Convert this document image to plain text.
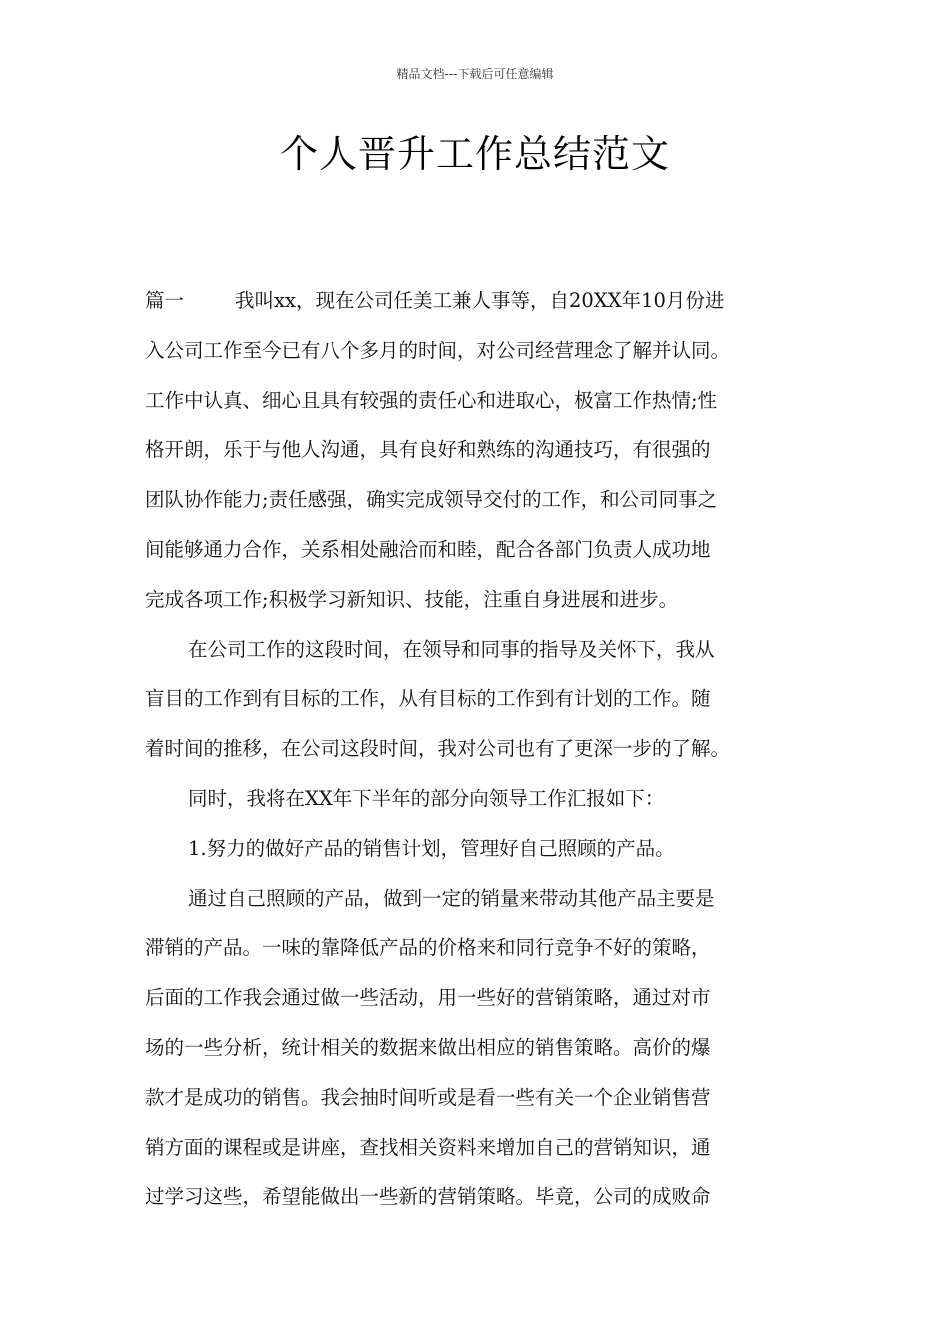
精品文档---下载后可任意编辑
个人晋升工作总结范文
篇一	我叫xx，现在公司任美工兼人事等，自20XX年10月份进
入公司工作至今已有八个多月的时间，对公司经营理念了解并认同。
工作中认真、细心且具有较强的责任心和进取心，极富工作热情;性
格开朗，乐于与他人沟通，具有良好和熟练的沟通技巧，有很强的
团队协作能力;责任感强，确实完成领导交付的工作，和公司同事之
间能够通力合作，关系相处融洽而和睦，配合各部门负责人成功地
完成各项工作;积极学习新知识、技能，注重自身进展和进步。
在公司工作的这段时间，在领导和同事的指导及关怀下，我从
盲目的工作到有目标的工作，从有目标的工作到有计划的工作。随
着时间的推移，在公司这段时间，我对公司也有了更深一步的了解。
同时，我将在XX年下半年的部分向领导工作汇报如下：
1.努力的做好产品的销售计划，管理好自己照顾的产品。
通过自己照顾的产品，做到一定的销量来带动其他产品主要是
滞销的产品。一味的靠降低产品的价格来和同行竞争不好的策略，
后面的工作我会通过做一些活动，用一些好的营销策略，通过对市
场的一些分析，统计相关的数据来做出相应的销售策略。高价的爆
款才是成功的销售。我会抽时间听或是看一些有关一个企业销售营
销方面的课程或是讲座，查找相关资料来增加自己的营销知识，通
过学习这些，希望能做出一些新的营销策略。毕竟，公司的成败命
